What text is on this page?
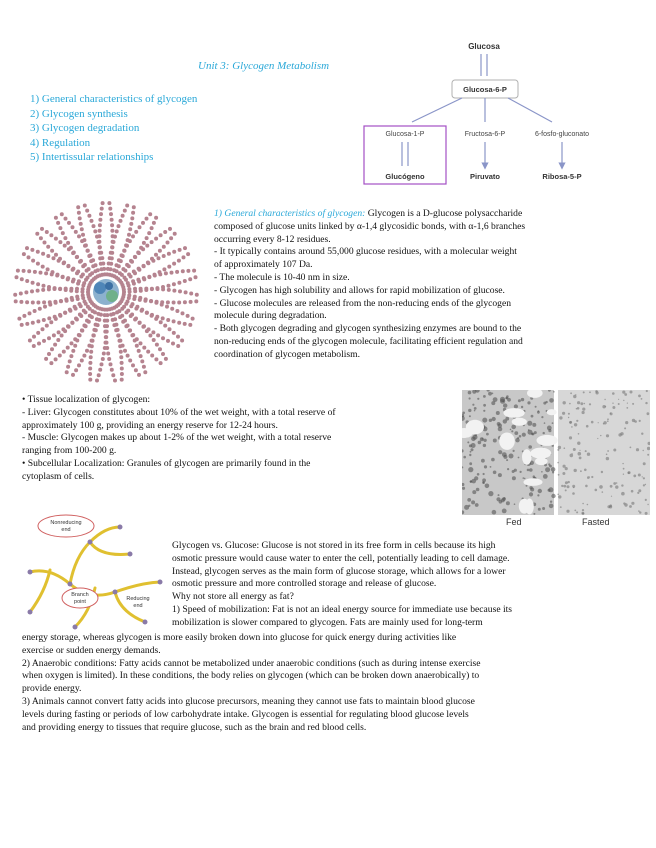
Unit 3: Glycogen Metabolism
1) General characteristics of glycogen
2) Glycogen synthesis
3) Glycogen degradation
4) Regulation
5) Intertissular relationships
Glucosa
Glucosa-6-P
Glucosa-1-P	Fructosa-6-P	6-fosfo-gluconato
Glucógeno	Piruvato	Ribosa-5-P
1) General characteristics of glycogen: Glycogen is a D-glucose polysaccharide
composed of glucose units linked by α-1,4 glycosidic bonds, with α-1,6 branches
occurring every 8-12 residues.
- It typically contains around 55,000 glucose residues, with a molecular weight
of approximately 107 Da.
- The molecule is 10-40 nm in size.
- Glycogen has high solubility and allows for rapid mobilization of glucose.
- Glucose molecules are released from the non-reducing ends of the glycogen
molecule during degradation.
- Both glycogen degrading and glycogen synthesizing enzymes are bound to the
non-reducing ends of the glycogen molecule, facilitating efficient regulation and
coordination of glycogen metabolism.
• Tissue localization of glycogen:
- Liver: Glycogen constitutes about 10% of the wet weight, with a total reserve of
approximately 100 g, providing an energy reserve for 12-24 hours.
- Muscle: Glycogen makes up about 1-2% of the wet weight, with a total reserve
ranging from 100-200 g.
• Subcellular Localization: Granules of glycogen are primarily found in the
cytoplasm of cells.
Fed	Fasted
Nonreducing
end
Branch
point	Reducing
end
Glycogen vs. Glucose: Glucose is not stored in its free form in cells because its high
osmotic pressure would cause water to enter the cell, potentially leading to cell damage.
Instead, glycogen serves as the main form of glucose storage, which allows for a lower
osmotic pressure and more controlled storage and release of glucose.
Why not store all energy as fat?
1) Speed of mobilization: Fat is not an ideal energy source for immediate use because its
mobilization is slower compared to glycogen. Fats are mainly used for long-term
energy storage, whereas glycogen is more easily broken down into glucose for quick energy during activities like
exercise or sudden energy demands.
2) Anaerobic conditions: Fatty acids cannot be metabolized under anaerobic conditions (such as during intense exercise
when oxygen is limited). In these conditions, the body relies on glycogen (which can be broken down anaerobically) to
provide energy.
3) Animals cannot convert fatty acids into glucose precursors, meaning they cannot use fats to maintain blood glucose
levels during fasting or periods of low carbohydrate intake. Glycogen is essential for regulating blood glucose levels
and providing energy to tissues that require glucose, such as the brain and red blood cells.
